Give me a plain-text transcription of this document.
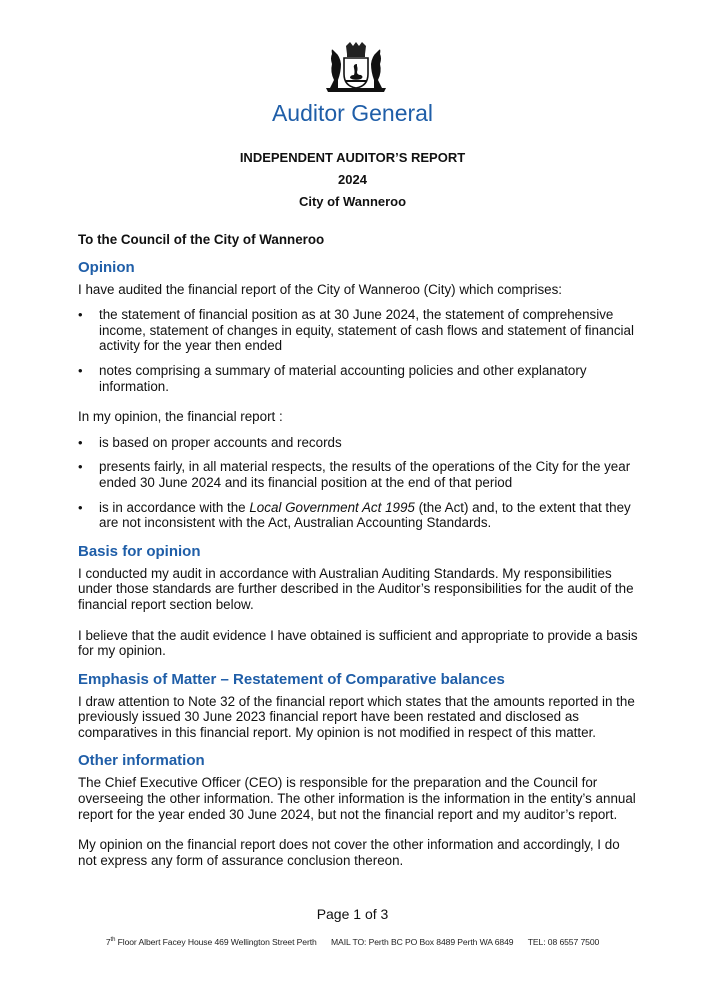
Auditor General
INDEPENDENT AUDITOR’S REPORT
2024
City of Wanneroo
To the Council of the City of Wanneroo
Opinion

I have audited the financial report of the City of Wanneroo (City) which comprises:

• the statement of financial position as at 30 June 2024, the statement of comprehensive income, statement of changes in equity, statement of cash flows and statement of financial activity for the year then ended
• notes comprising a summary of material accounting policies and other explanatory information.

In my opinion, the financial report :

• is based on proper accounts and records
• presents fairly, in all material respects, the results of the operations of the City for the year ended 30 June 2024 and its financial position at the end of that period
• is in accordance with the Local Government Act 1995 (the Act) and, to the extent that they are not inconsistent with the Act, Australian Accounting Standards.
Basis for opinion

I conducted my audit in accordance with Australian Auditing Standards. My responsibilities under those standards are further described in the Auditor’s responsibilities for the audit of the financial report section below.

I believe that the audit evidence I have obtained is sufficient and appropriate to provide a basis for my opinion.

Emphasis of Matter – Restatement of Comparative balances

I draw attention to Note 32 of the financial report which states that the amounts reported in the previously issued 30 June 2023 financial report have been restated and disclosed as comparatives in this financial report. My opinion is not modified in respect of this matter.

Other information

The Chief Executive Officer (CEO) is responsible for the preparation and the Council for overseeing the other information. The other information is the information in the entity’s annual report for the year ended 30 June 2024, but not the financial report and my auditor’s report.

My opinion on the financial report does not cover the other information and accordingly, I do not express any form of assurance conclusion thereon.

Page 1 of 3
7th Floor Albert Facey House 469 Wellington Street Perth MAIL TO: Perth BC PO Box 8489 Perth WA 6849 TEL: 08 6557 7500
